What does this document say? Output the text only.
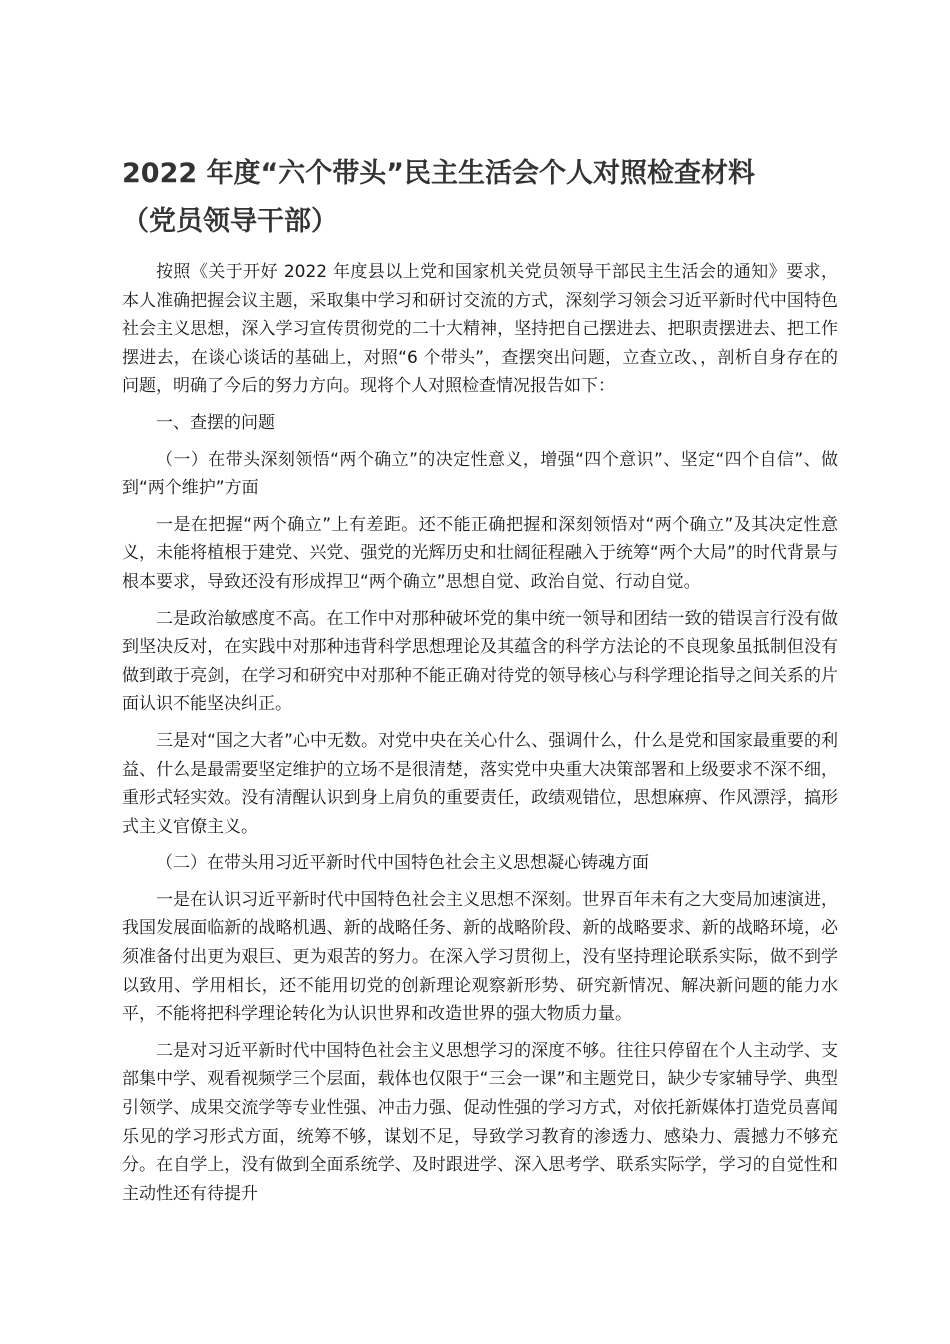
2022 年度“六个带头”民主生活会个人对照检查材料
（党员领导干部）

按照《关于开好 2022 年度县以上党和国家机关党员领导干部民主生活会的通知》要求，本人准确把握会议主题，采取集中学习和研讨交流的方式，深刻学习领会习近平新时代中国特色社会主义思想，深入学习宣传贯彻党的二十大精神，坚持把自己摆进去、把职责摆进去、把工作摆进去，在谈心谈话的基础上，对照“6 个带头”，查摆突出问题，立查立改、，剖析自身存在的问题，明确了今后的努力方向。现将个人对照检查情况报告如下：

一、查摆的问题

（一）在带头深刻领悟“两个确立”的决定性意义，增强“四个意识”、坚定“四个自信”、做到“两个维护”方面

一是在把握“两个确立”上有差距。还不能正确把握和深刻领悟对“两个确立”及其决定性意义，未能将植根于建党、兴党、强党的光辉历史和壮阔征程融入于统筹“两个大局”的时代背景与根本要求，导致还没有形成捍卫“两个确立”思想自觉、政治自觉、行动自觉。

二是政治敏感度不高。在工作中对那种破坏党的集中统一领导和团结一致的错误言行没有做到坚决反对，在实践中对那种违背科学思想理论及其蕴含的科学方法论的不良现象虽抵制但没有做到敢于亮剑，在学习和研究中对那种不能正确对待党的领导核心与科学理论指导之间关系的片面认识不能坚决纠正。

三是对“国之大者”心中无数。对党中央在关心什么、强调什么，什么是党和国家最重要的利益、什么是最需要坚定维护的立场不是很清楚，落实党中央重大决策部署和上级要求不深不细，重形式轻实效。没有清醒认识到身上肩负的重要责任，政绩观错位，思想麻痹、作风漂浮，搞形式主义官僚主义。

（二）在带头用习近平新时代中国特色社会主义思想凝心铸魂方面

一是在认识习近平新时代中国特色社会主义思想不深刻。世界百年未有之大变局加速演进，我国发展面临新的战略机遇、新的战略任务、新的战略阶段、新的战略要求、新的战略环境，必须准备付出更为艰巨、更为艰苦的努力。在深入学习贯彻上，没有坚持理论联系实际，做不到学以致用、学用相长，还不能用切党的创新理论观察新形势、研究新情况、解决新问题的能力水平，不能将把科学理论转化为认识世界和改造世界的强大物质力量。

二是对习近平新时代中国特色社会主义思想学习的深度不够。往往只停留在个人主动学、支部集中学、观看视频学三个层面，载体也仅限于“三会一课”和主题党日，缺少专家辅导学、典型引领学、成果交流学等专业性强、冲击力强、促动性强的学习方式，对依托新媒体打造党员喜闻乐见的学习形式方面，统筹不够，谋划不足，导致学习教育的渗透力、感染力、震撼力不够充分。在自学上，没有做到全面系统学、及时跟进学、深入思考学、联系实际学，学习的自觉性和主动性还有待提升
